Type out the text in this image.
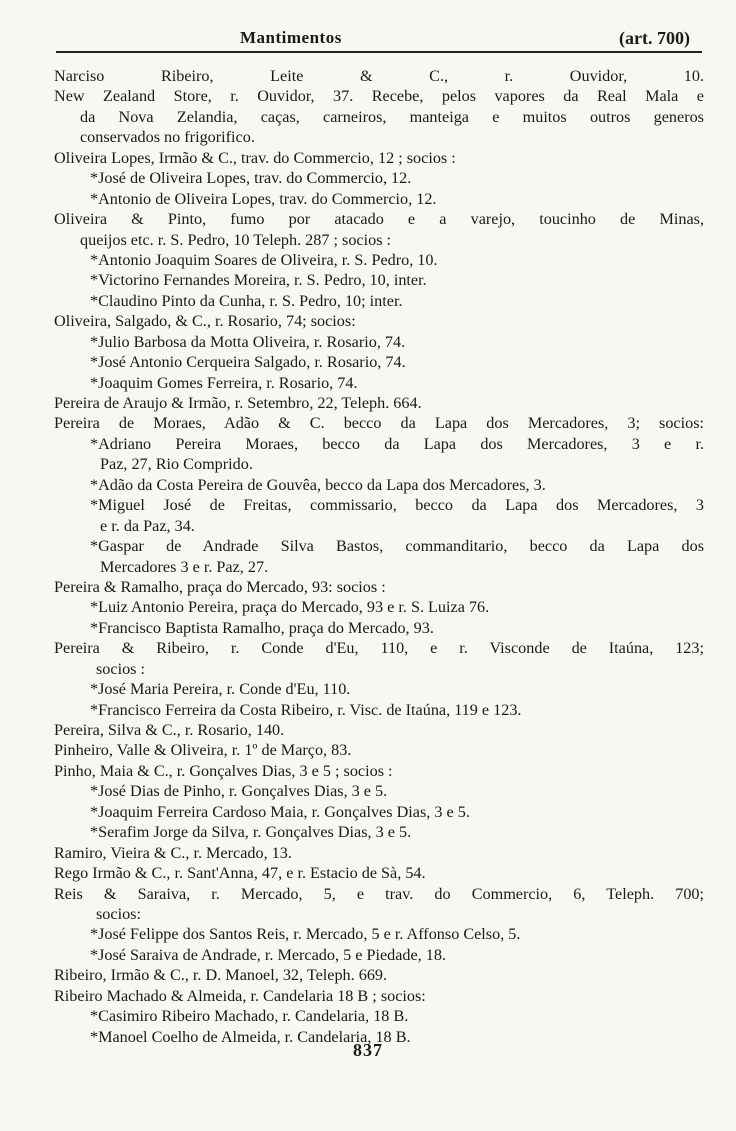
Mantimentos	(art. 700)
Narciso Ribeiro, Leite & C., r. Ouvidor, 10.
New Zealand Store, r. Ouvidor, 37. Recebe, pelos vapores da Real Mala e
da Nova Zelandia, caças, carneiros, manteiga e muitos outros generos
conservados no frigorifico.
Oliveira Lopes, Irmão & C., trav. do Commercio, 12 ; socios :
*José de Oliveira Lopes, trav. do Commercio, 12.
*Antonio de Oliveira Lopes, trav. do Commercio, 12.
Oliveira & Pinto, fumo por atacado e a varejo, toucinho de Minas,
queijos etc. r. S. Pedro, 10 Teleph. 287 ; socios :
*Antonio Joaquim Soares de Oliveira, r. S. Pedro, 10.
*Victorino Fernandes Moreira, r. S. Pedro, 10, inter.
*Claudino Pinto da Cunha, r. S. Pedro, 10; inter.
Oliveira, Salgado, & C., r. Rosario, 74; socios:
*Julio Barbosa da Motta Oliveira, r. Rosario, 74.
*José Antonio Cerqueira Salgado, r. Rosario, 74.
*Joaquim Gomes Ferreira, r. Rosario, 74.
Pereira de Araujo & Irmão, r. Setembro, 22, Teleph. 664.
Pereira de Moraes, Adão & C. becco da Lapa dos Mercadores, 3; socios:
*Adriano Pereira Moraes, becco da Lapa dos Mercadores, 3 e r.
Paz, 27, Rio Comprido.
*Adão da Costa Pereira de Gouvêa, becco da Lapa dos Mercadores, 3.
*Miguel José de Freitas, commissario, becco da Lapa dos Mercadores, 3
e r. da Paz, 34.
*Gaspar de Andrade Silva Bastos, commanditario, becco da Lapa dos
Mercadores 3 e r. Paz, 27.
Pereira & Ramalho, praça do Mercado, 93: socios :
*Luiz Antonio Pereira, praça do Mercado, 93 e r. S. Luiza 76.
*Francisco Baptista Ramalho, praça do Mercado, 93.
Pereira & Ribeiro, r. Conde d'Eu, 110, e r. Visconde de Itaúna, 123;
socios :
*José Maria Pereira, r. Conde d'Eu, 110.
*Francisco Ferreira da Costa Ribeiro, r. Visc. de Itaúna, 119 e 123.
Pereira, Silva & C., r. Rosario, 140.
Pinheiro, Valle & Oliveira, r. 1º de Março, 83.
Pinho, Maia & C., r. Gonçalves Dias, 3 e 5 ; socios :
*José Dias de Pinho, r. Gonçalves Dias, 3 e 5.
*Joaquim Ferreira Cardoso Maia, r. Gonçalves Dias, 3 e 5.
*Serafim Jorge da Silva, r. Gonçalves Dias, 3 e 5.
Ramiro, Vieira & C., r. Mercado, 13.
Rego Irmão & C., r. Sant'Anna, 47, e r. Estacio de Sà, 54.
Reis & Saraiva, r. Mercado, 5, e trav. do Commercio, 6, Teleph. 700;
socios:
*José Felippe dos Santos Reis, r. Mercado, 5 e r. Affonso Celso, 5.
*José Saraiva de Andrade, r. Mercado, 5 e Piedade, 18.
Ribeiro, Irmão & C., r. D. Manoel, 32, Teleph. 669.
Ribeiro Machado & Almeida, r. Candelaria 18 B ; socios:
*Casimiro Ribeiro Machado, r. Candelaria, 18 B.
*Manoel Coelho de Almeida, r. Candelaria, 18 B.
837
